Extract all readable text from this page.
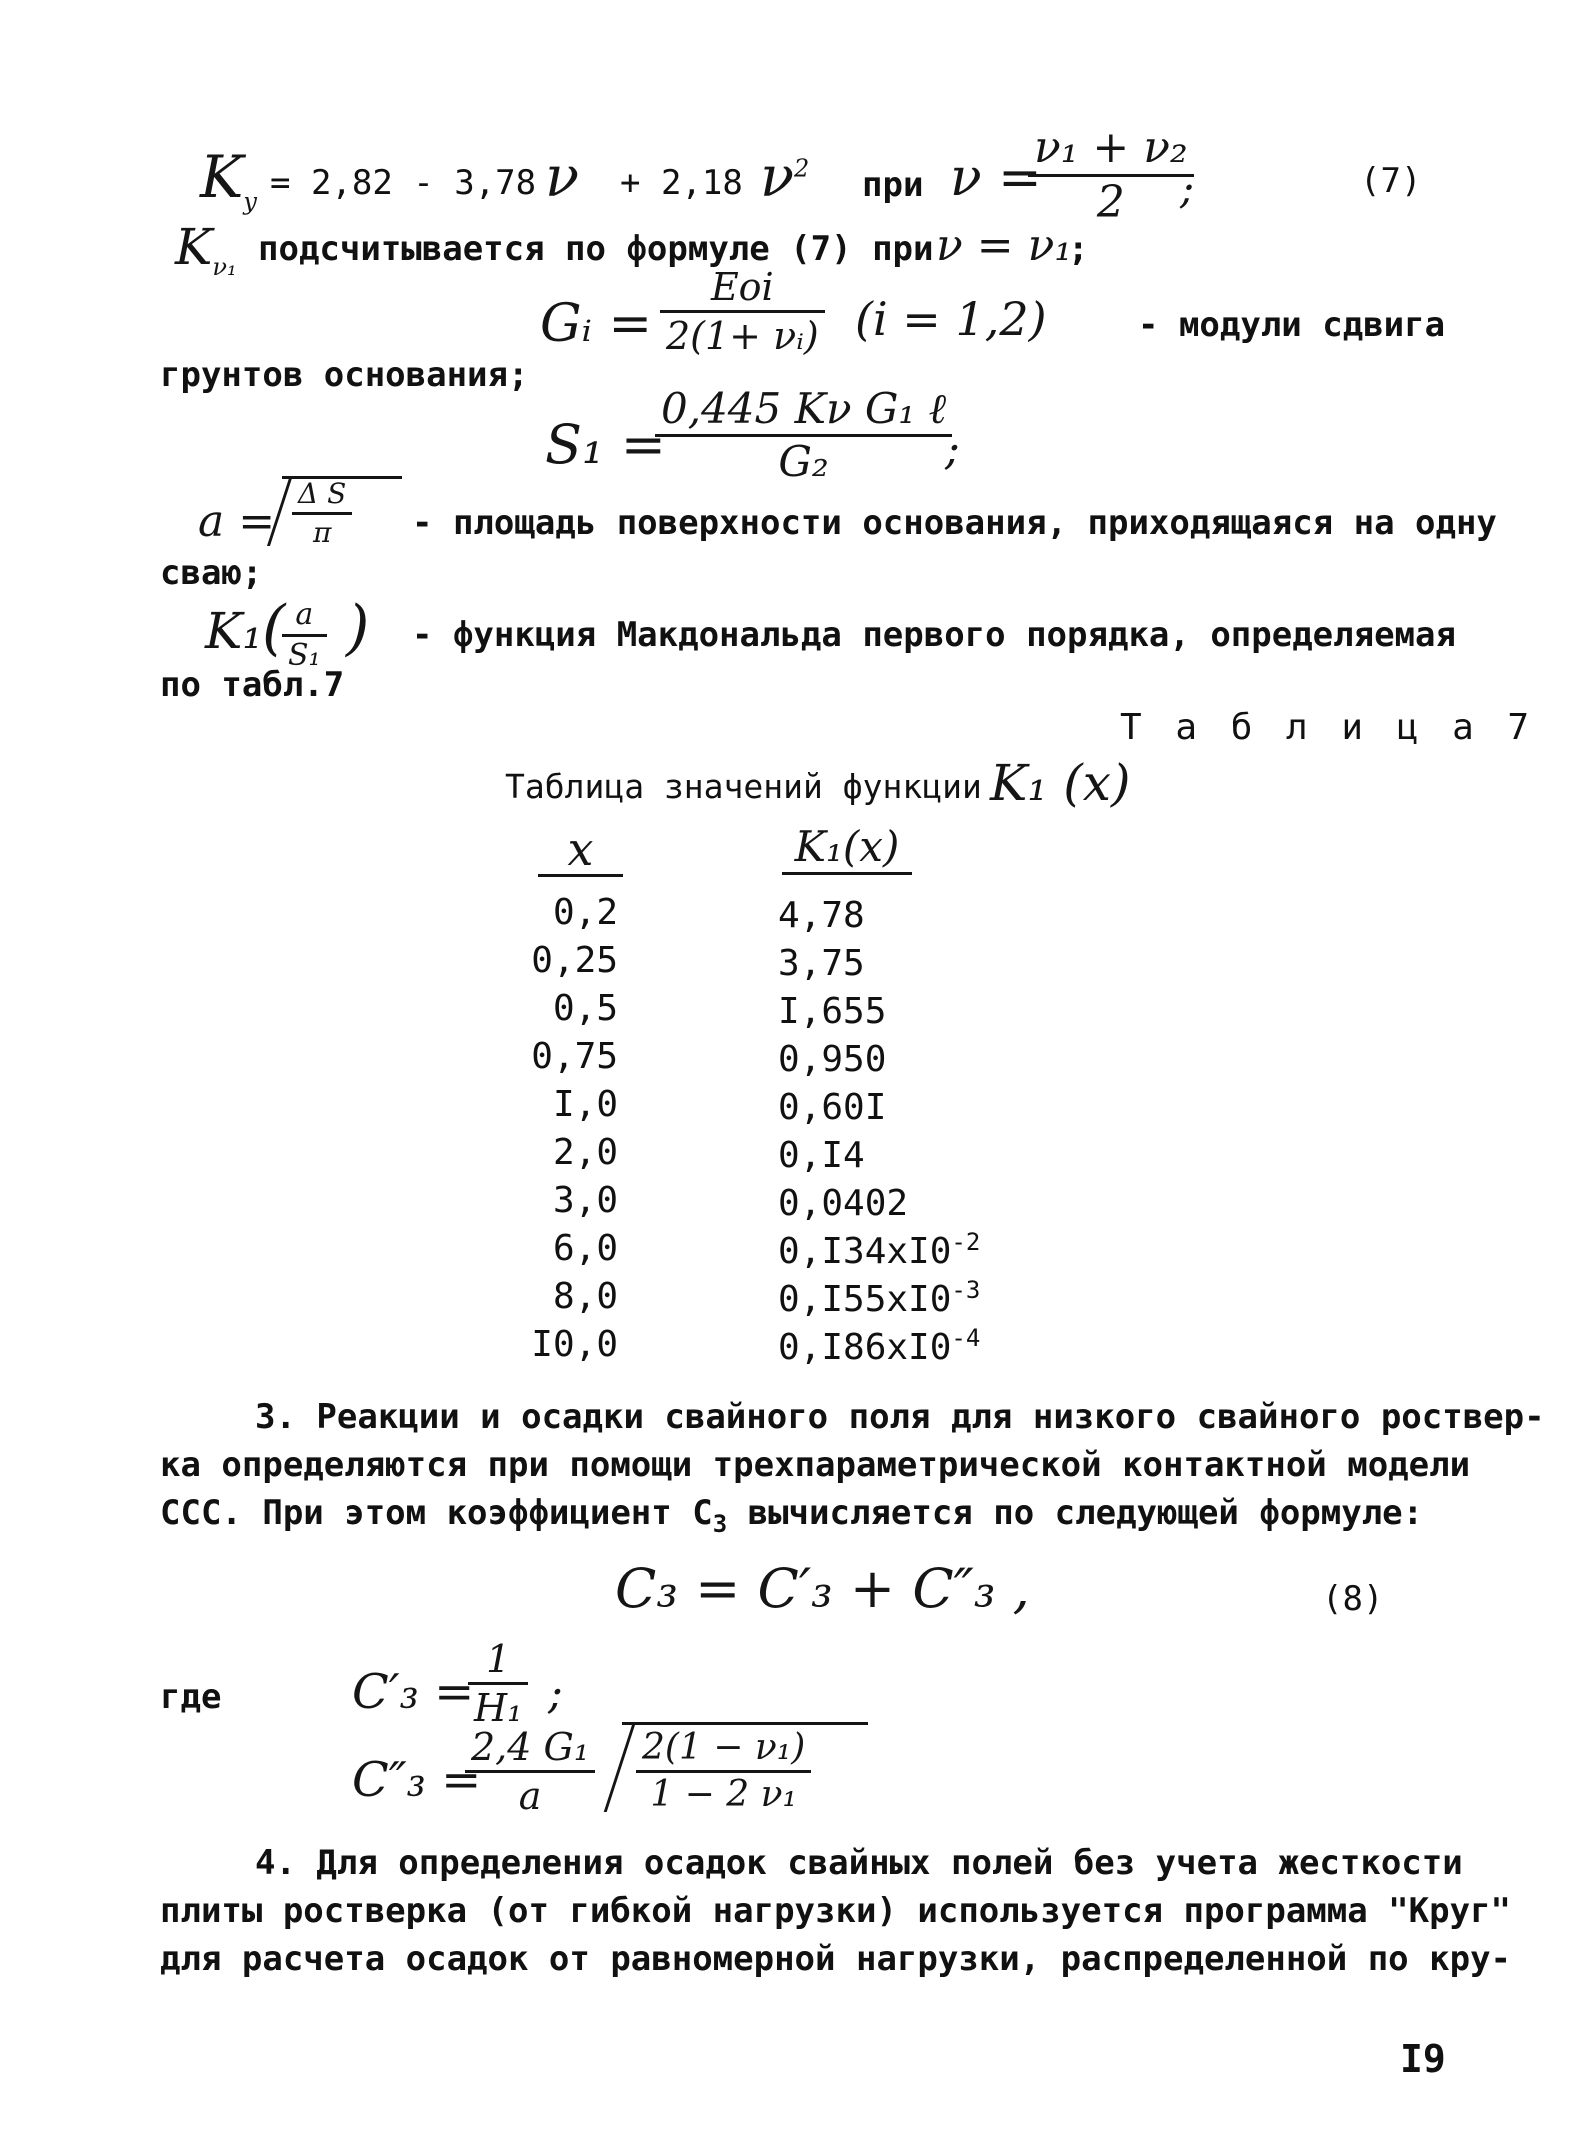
$K_y = 2,82 - 3,78$ ν + 2,18 $\nu^2$ при ν =
$\frac{\text{ν₁ + ν₂}}{2}$
;	(7)
$K_{\nu_1}$ подсчитывается по формуле (7) при ν = ν₁
;
Gᵢ =
Eoi
2(1+ νᵢ) (i = 1,2)	- модули сдвига
грунтов основания;
S₁ =
0,445 Kν G₁ ℓ
G₂	;
$a = \frac{\text{Δ S}}{\pi}$ - площадь поверхности основания, приходящаяся на одну
сваю;
K₁ (
$\frac{a}{\text{S₁}}$ ) - функция Макдональда первого порядка, определяемая
по табл.7
Т а б л и ц а 7
Таблица значений функции K₁ (x)
x	K₁(x)
0,2	4,78
0,25	3,75
0,5	I,655
0,75	0,950
I,0	0,60I
2,0	0,I4
3,0	0,0402
6,0	$0,I34xI0^{-2}$
8,0	$0,I55xI0^{-3}$
I0,0	$0,I86xI0^{-4}$
3. Реакции и осадки свайного поля для низкого свайного роствер-
ка определяются при помощи трехпараметрической контактной модели
ССС. При этом коэффициент $С_3$ вычисляется по следующей формуле:
C₃ = C′₃ + C″₃ ,	(8)
где	C′₃ =
$\frac{1}{\text{H₁}}$ ;
C″₃ =
$\frac{\text{2,4 G₁}}{a} \frac{\text{2(1 − ν₁)}}{\text{1 − 2 ν₁}}$
4. Для определения осадок свайных полей без учета жесткости
плиты ростверка (от гибкой нагрузки) используется программа "Круг"
для расчета осадок от равномерной нагрузки, распределенной по кру-
I9
